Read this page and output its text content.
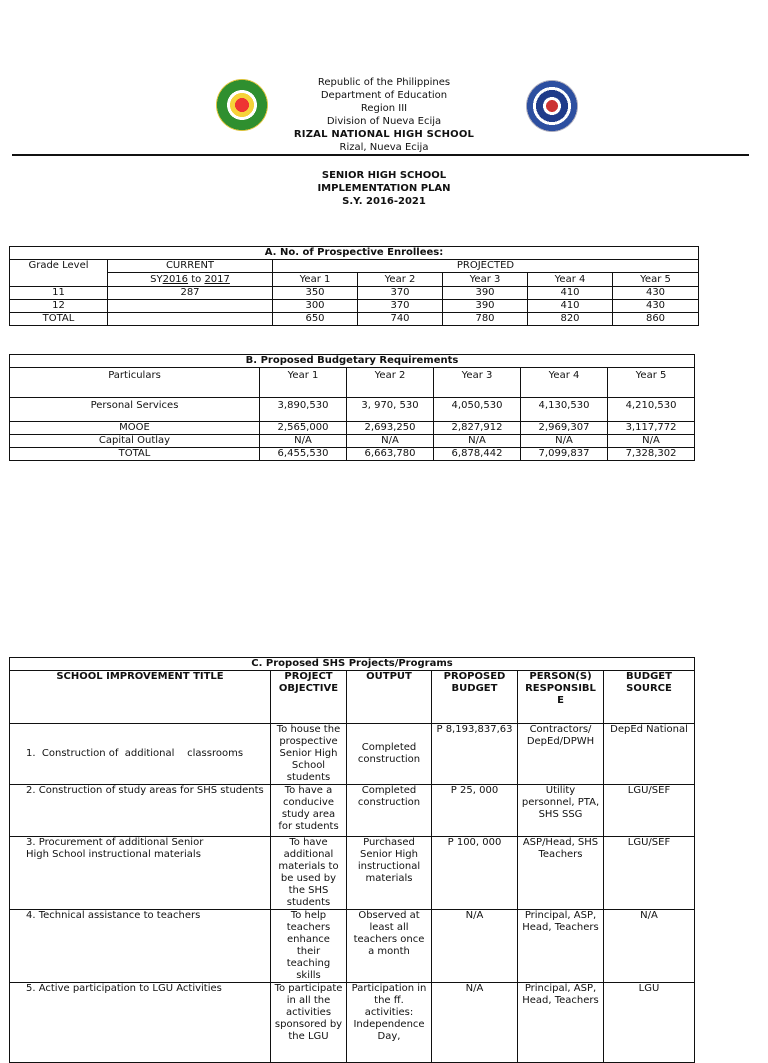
Republic of the Philippines
Department of Education
Region III
Division of Nueva Ecija
RIZAL NATIONAL HIGH SCHOOL
Rizal, Nueva Ecija
SENIOR HIGH SCHOOL
IMPLEMENTATION PLAN
S.Y. 2016-2021
A. No. of Prospective Enrollees:						
Grade Level	CURRENT	PROJECTED				
	SY2016 to 2017	Year 1	Year 2	Year 3	Year 4	Year 5
11	287	350	370	390	410	430
12		300	370	390	410	430
TOTAL		650	740	780	820	860
B. Proposed Budgetary Requirements					
Particulars	Year 1	Year 2	Year 3	Year 4	Year 5
Personal Services	3,890,530	3, 970, 530	4,050,530	4,130,530	4,210,530
MOOE	2,565,000	2,693,250	2,827,912	2,969,307	3,117,772
Capital Outlay	N/A	N/A	N/A	N/A	N/A
TOTAL	6,455,530	6,663,780	6,878,442	7,099,837	7,328,302
C. Proposed SHS Projects/Programs					
SCHOOL IMPROVEMENT TITLE	PROJECT OBJECTIVE	OUTPUT	PROPOSED BUDGET	PERSON(S) RESPONSIBL E	BUDGET SOURCE
1.  Construction of  additional    classrooms	To house the prospective Senior High School students	Completed construction	P 8,193,837,63	Contractors/ DepEd/DPWH	DepEd National
2. Construction of study areas for SHS students	To have a conducive study area for students	Completed construction	P 25, 000	Utility personnel, PTA, SHS SSG	LGU/SEF
3. Procurement of additional Senior High School instructional materials	To have additional materials to be used by the SHS students	Purchased Senior High instructional materials	P 100, 000	ASP/Head, SHS Teachers	LGU/SEF
4. Technical assistance to teachers	To help teachers enhance their teaching skills	Observed at least all teachers once a month	N/A	Principal, ASP, Head, Teachers	N/A
5. Active participation to LGU Activities	To participate in all the activities sponsored by the LGU	Participation in the ff. activities: Independence Day,	N/A	Principal, ASP, Head, Teachers	LGU
